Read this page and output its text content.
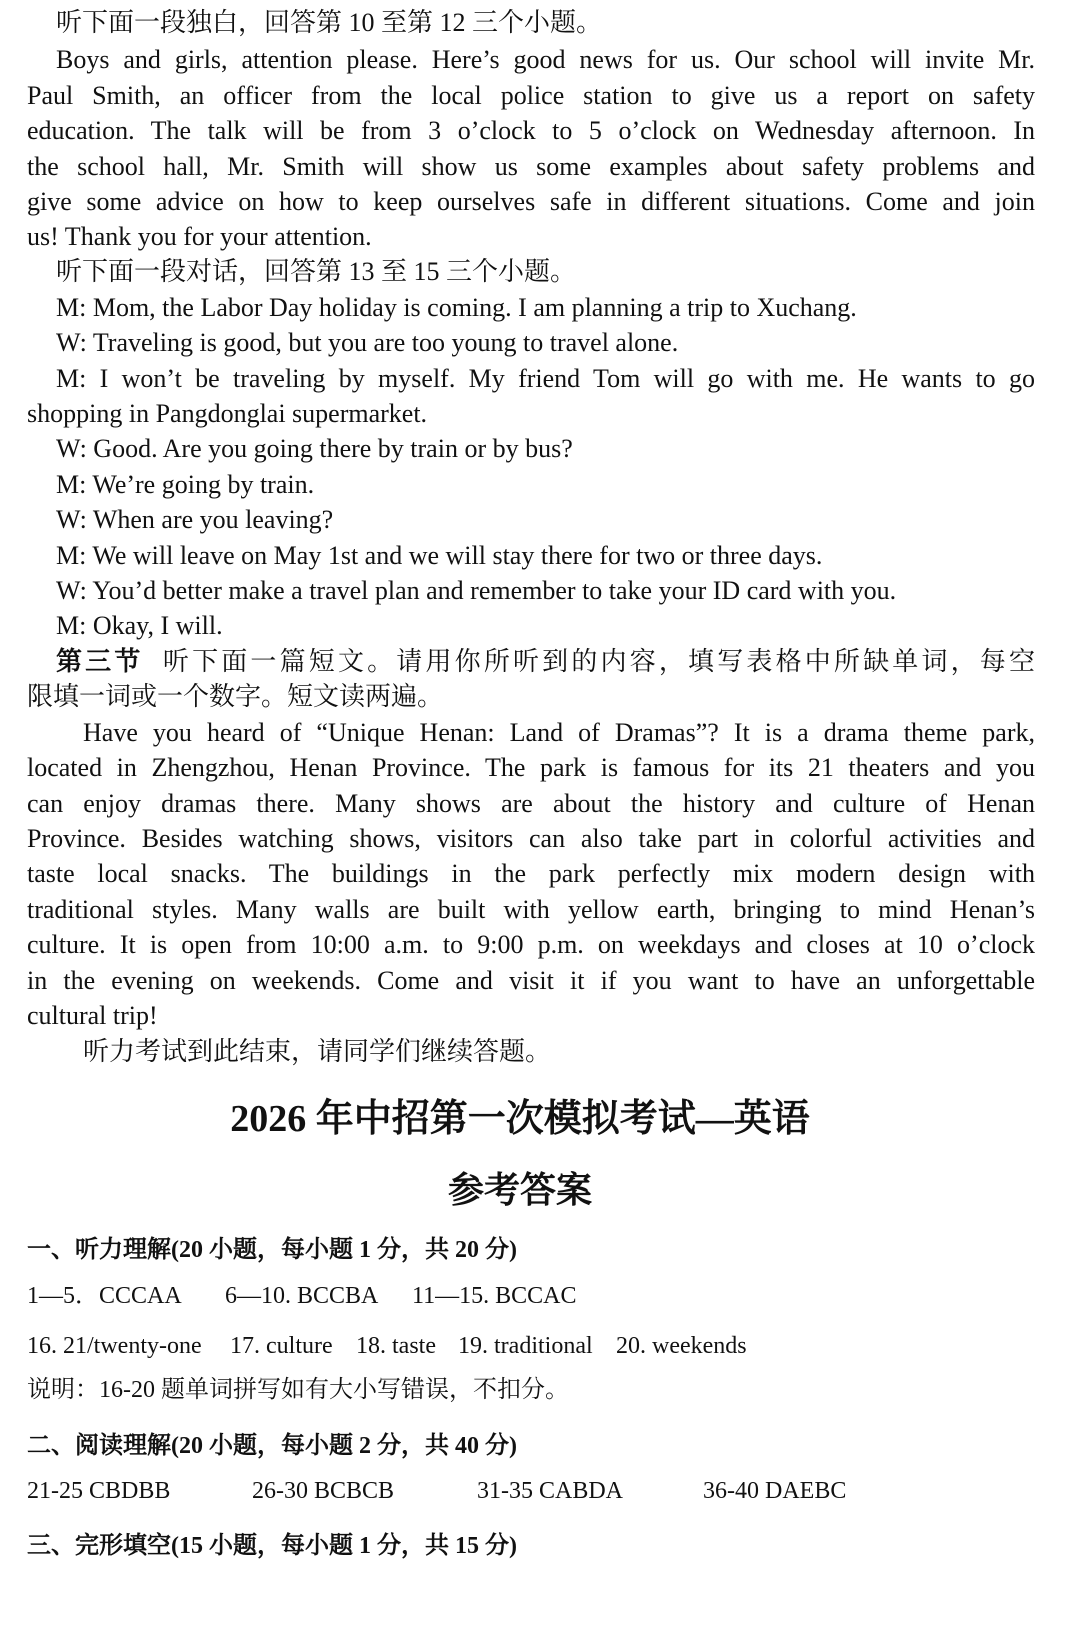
听下面一段独白，回答第 10 至第 12 三个小题。
Boys and girls, attention please. Here’s good news for us. Our school will invite Mr.
Paul Smith, an officer from the local police station to give us a report on safety
education. The talk will be from 3 o’clock to 5 o’clock on Wednesday afternoon. In
the school hall, Mr. Smith will show us some examples about safety problems and
give some advice on how to keep ourselves safe in different situations. Come and join
us! Thank you for your attention.
听下面一段对话，回答第 13 至 15 三个小题。
M: Mom, the Labor Day holiday is coming. I am planning a trip to Xuchang.
W: Traveling is good, but you are too young to travel alone.
M: I won’t be traveling by myself. My friend Tom will go with me. He wants to go
shopping in Pangdonglai supermarket.
W: Good. Are you going there by train or by bus?
M: We’re going by train.
W: When are you leaving?
M: We will leave on May 1st and we will stay there for two or three days.
W: You’d better make a travel plan and remember to take your ID card with you.
M: Okay, I will.
第三节 听下面一篇短文。请用你所听到的内容，填写表格中所缺单词，每空
限填一词或一个数字。短文读两遍。
Have you heard of “Unique Henan: Land of Dramas”? It is a drama theme park,
located in Zhengzhou, Henan Province. The park is famous for its 21 theaters and you
can enjoy dramas there. Many shows are about the history and culture of Henan
Province. Besides watching shows, visitors can also take part in colorful activities and
taste local snacks. The buildings in the park perfectly mix modern design with
traditional styles. Many walls are built with yellow earth, bringing to mind Henan’s
culture. It is open from 10:00 a.m. to 9:00 p.m. on weekdays and closes at 10 o’clock
in the evening on weekends. Come and visit it if you want to have an unforgettable
cultural trip!
听力考试到此结束，请同学们继续答题。
2026 年中招第一次模拟考试—英语
参考答案
一、听力理解(20 小题，每小题 1 分，共 20 分)
1—5．CCCAA 6—10. BCCBA 11—15. BCCAC
16. 21/twenty-one 17. culture 18. taste 19. traditional 20. weekends
说明：16-20 题单词拼写如有大小写错误，不扣分。
二、阅读理解(20 小题，每小题 2 分，共 40 分)
21-25 CBDBB	26-30 BCBCB	31-35 CABDA	36-40 DAEBC
三、完形填空(15 小题，每小题 1 分，共 15 分)
